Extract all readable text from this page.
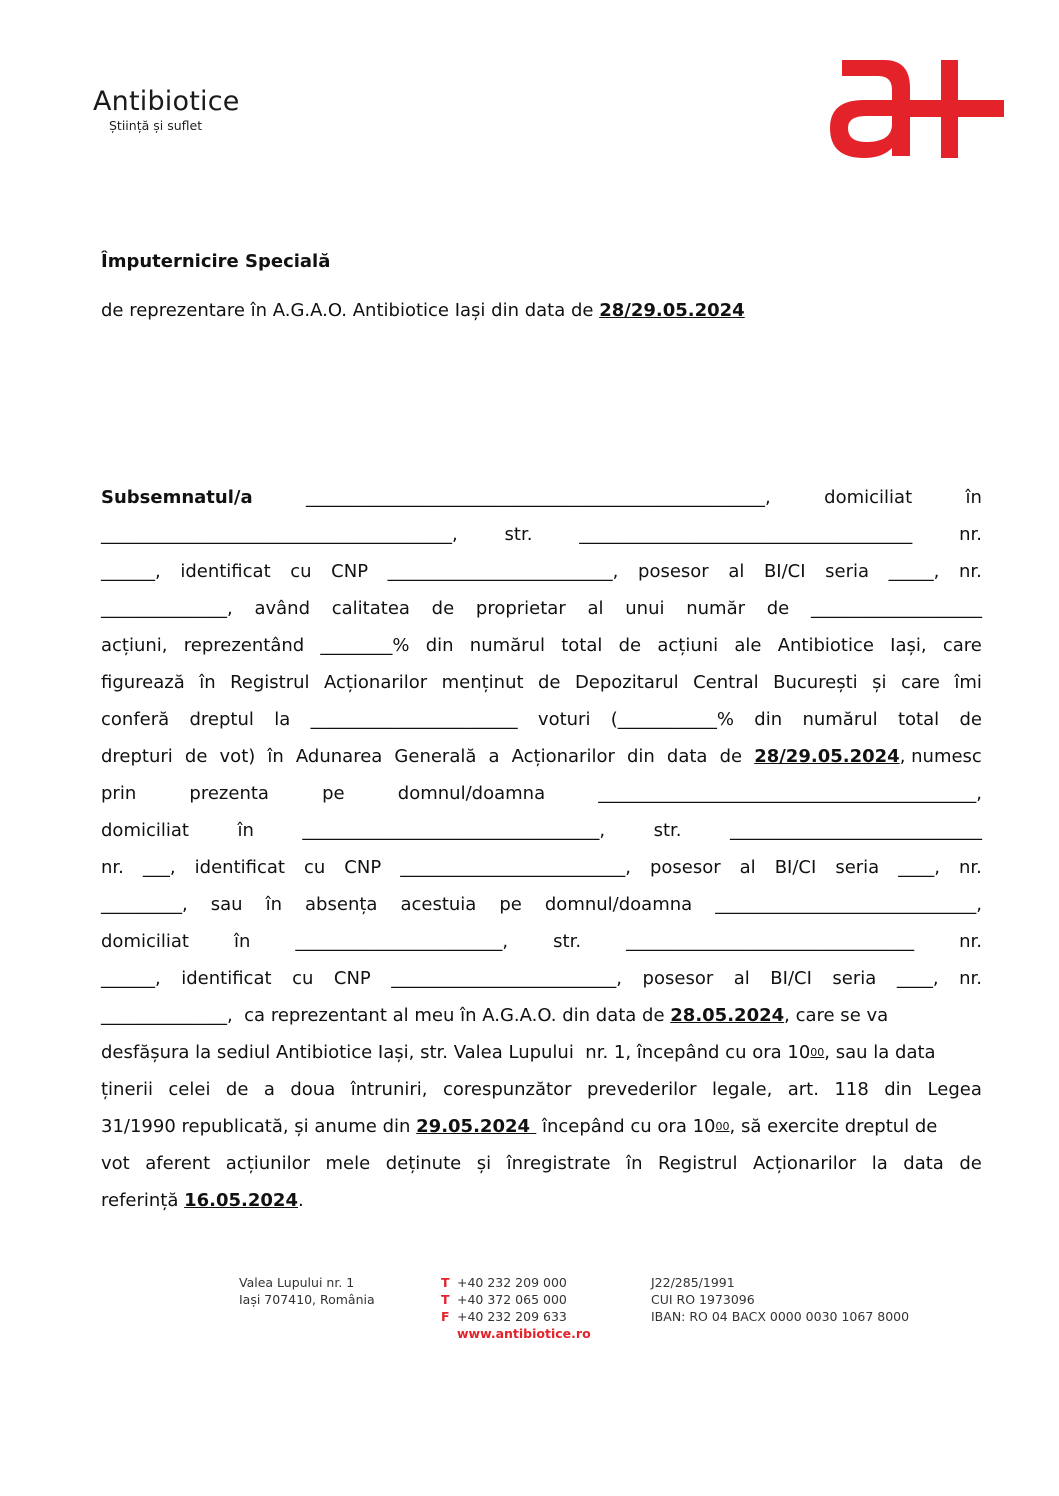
Antibiotice
Știință și suflet
Împuternicire Specială
de reprezentare în A.G.A.O. Antibiotice Iași din data de 28/29.05.2024
Subsemnatul/a	___________________________________________________,	domiciliat	în
_______________________________________,	str.	_____________________________________	nr.
______, identificat cu CNP _________________________, posesor al BI/CI seria _____, nr.
______________, având calitatea de proprietar al unui număr de ___________________
acțiuni, reprezentând ________% din numărul total de acțiuni ale Antibiotice Iași, care
figurează în Registrul Acționarilor menținut de Depozitarul Central București și care îmi
conferă dreptul la _______________________ voturi (___________% din numărul total de
drepturi de vot) în Adunarea Generală a Acționarilor din data de 28/29.05.2024, numesc
prin	prezenta	pe	domnul/doamna	__________________________________________,
domiciliat	în	_________________________________,	str.	____________________________
nr. ___, identificat cu CNP _________________________, posesor al BI/CI seria ____, nr.
_________, sau în absența acestuia pe domnul/doamna _____________________________,
domiciliat	în	_______________________,	str.	________________________________	nr.
______, identificat cu CNP _________________________, posesor al BI/CI seria ____, nr.
______________,  ca reprezentant al meu în A.G.A.O. din data de 28.05.2024 , care se va
desfășura la sediul Antibiotice Iași, str. Valea Lupului  nr. 1, începând cu ora 10 00 , sau la data
ținerii celei de a doua întruniri, corespunzător prevederilor legale, art. 118 din Legea
31/1990 republicată, și anume din 29.05.2024 începând cu ora 10 00 , să exercite dreptul de
vot aferent acțiunilor mele deținute și înregistrate în Registrul Acționarilor la data de
referință 16.05.2024 .
Valea Lupului nr. 1
Iași 707410, România
T +40 232 209 000
T +40 372 065 000
F +40 232 209 633
www.antibiotice.ro
J22/285/1991
CUI RO 1973096
IBAN: RO 04 BACX 0000 0030 1067 8000
